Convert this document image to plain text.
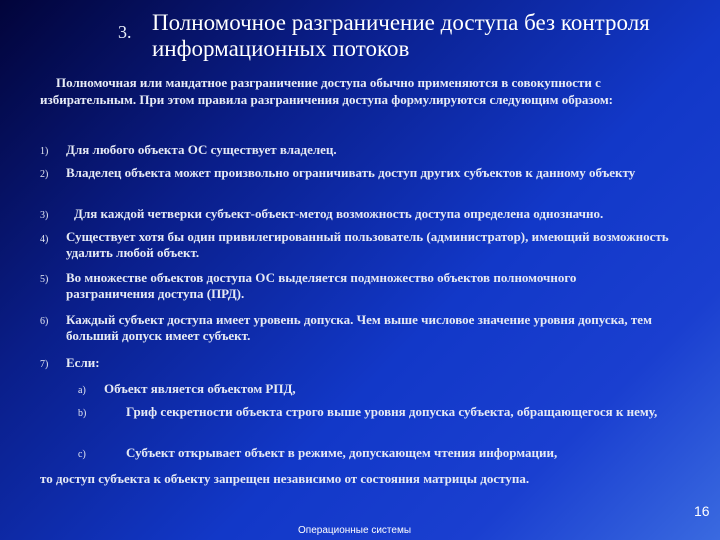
3. Полномочное разграничение доступа без контроля информационных потоков
Полномочная или мандатное разграничение доступа обычно применяются в совокупности с избирательным. При этом правила разграничения доступа формулируются следующим образом:
1) Для любого объекта ОС существует владелец.
2) Владелец объекта может произвольно ограничивать доступ других субъектов к данному объекту
3) Для каждой четверки субъект-объект-метод возможность доступа определена однозначно.
4) Существует хотя бы один привилегированный пользователь (администратор), имеющий возможность удалить любой объект.
5) Во множестве объектов доступа ОС выделяется подмножество объектов полномочного разграничения доступа (ПРД).
6) Каждый субъект доступа имеет уровень допуска. Чем выше числовое значение уровня допуска, тем больший допуск имеет субъект.
7) Если:
a) Объект является объектом РПД,
b)	Гриф секретности объекта строго выше уровня допуска субъекта, обращающегося к нему,
c)	Субъект открывает объект в режиме, допускающем чтения информации,
то доступ субъекта к объекту запрещен независимо от состояния матрицы доступа.
16
Операционные системы
